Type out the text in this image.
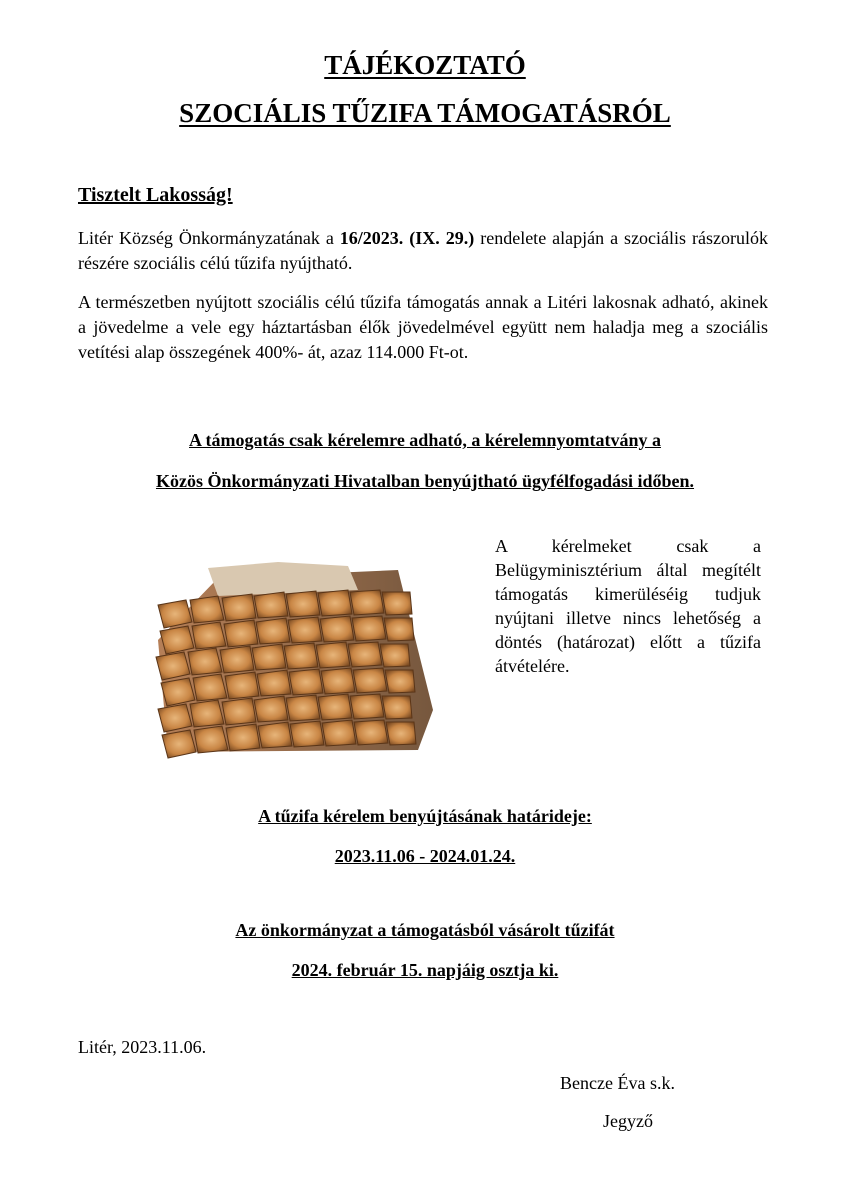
TÁJÉKOZTATÓ
SZOCIÁLIS TŰZIFA TÁMOGATÁSRÓL
Tisztelt Lakosság!
Litér Község Önkormányzatának a 16/2023. (IX. 29.) rendelete alapján a szociális rászorulók részére szociális célú tűzifa nyújtható.
A természetben nyújtott szociális célú tűzifa támogatás annak a Litéri lakosnak adható, akinek a jövedelme a vele egy háztartásban élők jövedelmével együtt nem haladja meg a szociális vetítési alap összegének 400%- át, azaz 114.000 Ft-ot.
A támogatás csak kérelemre adható, a kérelemnyomtatvány a
Közös Önkormányzati Hivatalban benyújtható ügyfélfogadási időben.
A kérelmeket csak a Belügyminisztérium által megítélt támogatás kimerüléséig tudjuk nyújtani illetve nincs lehetőség a döntés (határozat) előtt a tűzifa átvételére.
A tűzifa kérelem benyújtásának határideje:
2023.11.06 - 2024.01.24.
Az önkormányzat a támogatásból vásárolt tűzifát
2024. február 15. napjáig osztja ki.
Litér, 2023.11.06.
Bencze Éva s.k.
Jegyző
